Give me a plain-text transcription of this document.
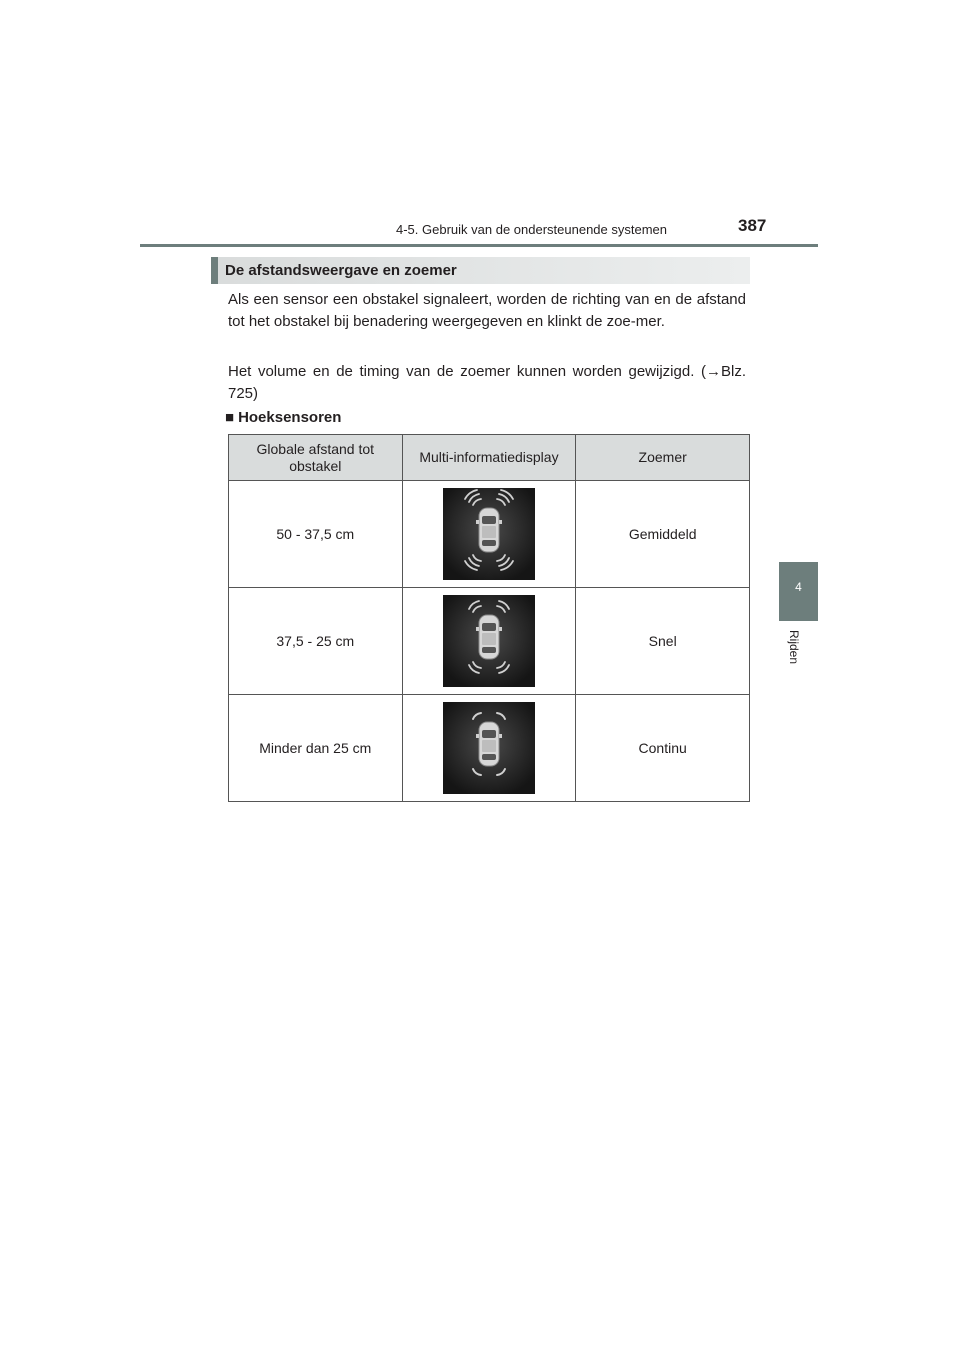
4-5. Gebruik van de ondersteunende systemen	387
4
Rijden
De afstandsweergave en zoemer
Als een sensor een obstakel signaleert, worden de richting van en de afstand tot het obstakel bij benadering weergegeven en klinkt de zoe-mer.
Het volume en de timing van de zoemer kunnen worden gewijzigd. (→Blz. 725)
■ Hoeksensoren
Globale afstand tot obstakel	Multi-informatiedisplay	Zoemer
50 - 37,5 cm		Gemiddeld
37,5 - 25 cm		Snel
Minder dan 25 cm		Continu
